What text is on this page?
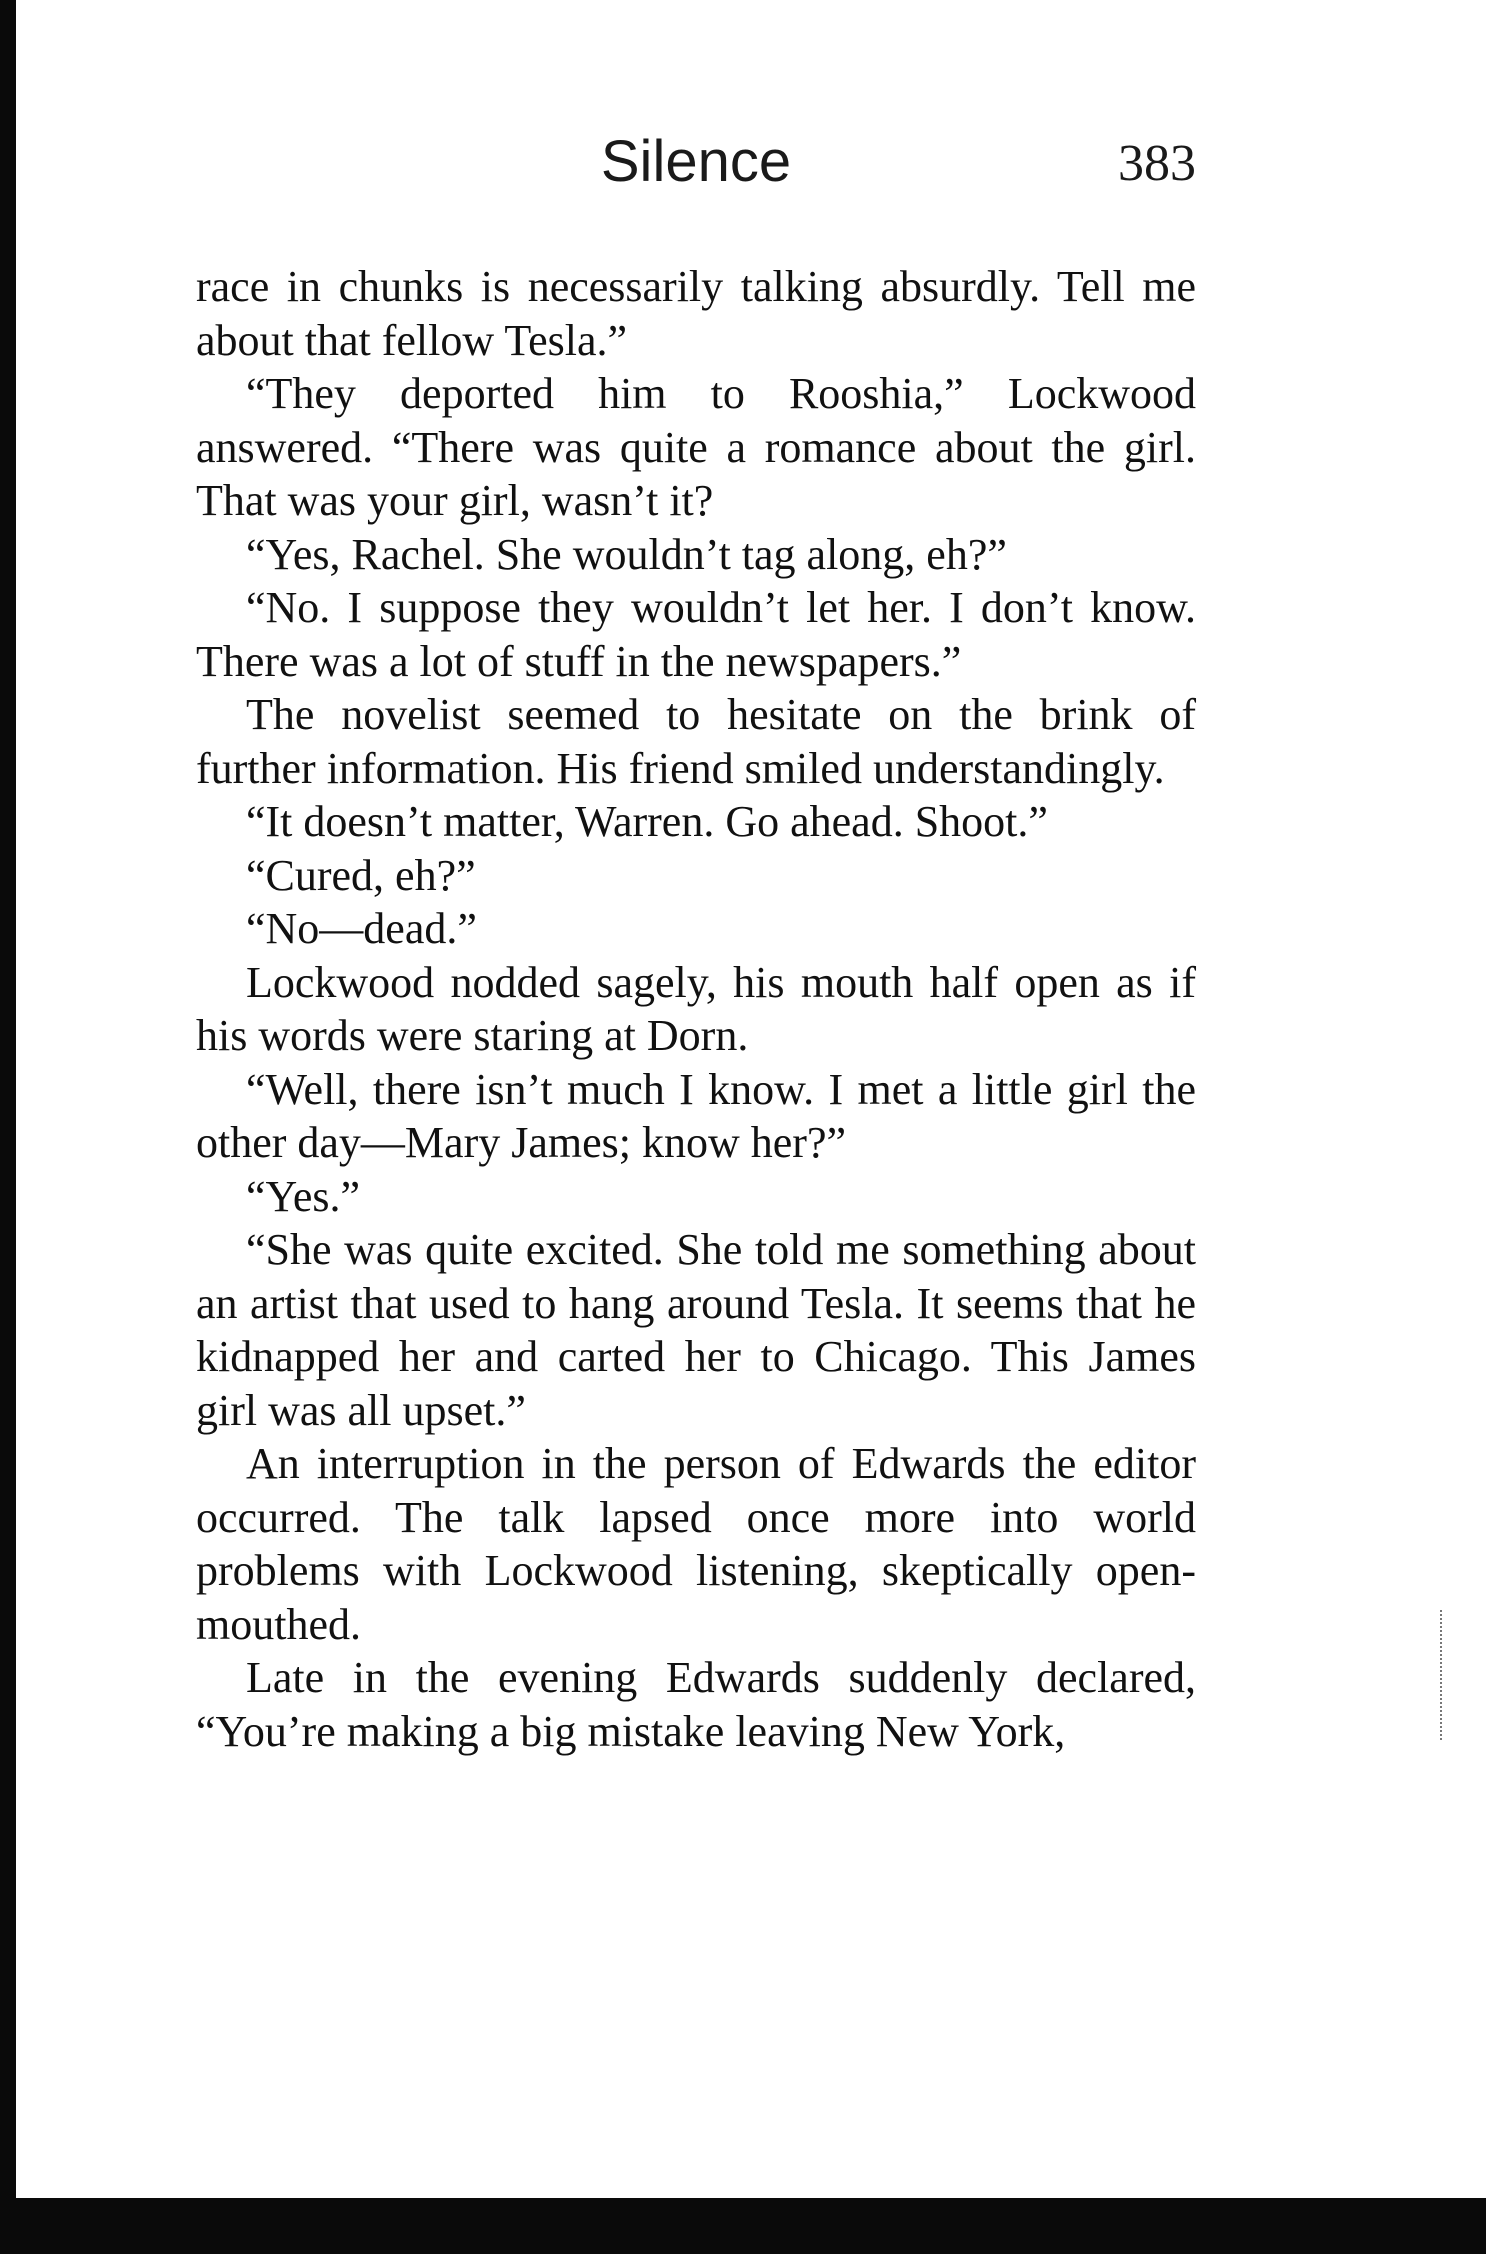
Silence	383

race in chunks is necessarily talking absurdly. Tell me about that fellow Tesla.”

“They deported him to Rooshia,” Lockwood answered. “There was quite a romance about the girl. That was your girl, wasn’t it?

“Yes, Rachel. She wouldn’t tag along, eh?”

“No. I suppose they wouldn’t let her. I don’t know. There was a lot of stuff in the newspapers.”

The novelist seemed to hesitate on the brink of further information. His friend smiled understandingly.

“It doesn’t matter, Warren. Go ahead. Shoot.”

“Cured, eh?”

“No—dead.”

Lockwood nodded sagely, his mouth half open as if his words were staring at Dorn.

“Well, there isn’t much I know. I met a little girl the other day—Mary James; know her?”

“Yes.”

“She was quite excited. She told me something about an artist that used to hang around Tesla. It seems that he kidnapped her and carted her to Chicago. This James girl was all upset.”

An interruption in the person of Edwards the editor occurred. The talk lapsed once more into world problems with Lockwood listening, skeptically open-mouthed.

Late in the evening Edwards suddenly declared, “You’re making a big mistake leaving New York,
